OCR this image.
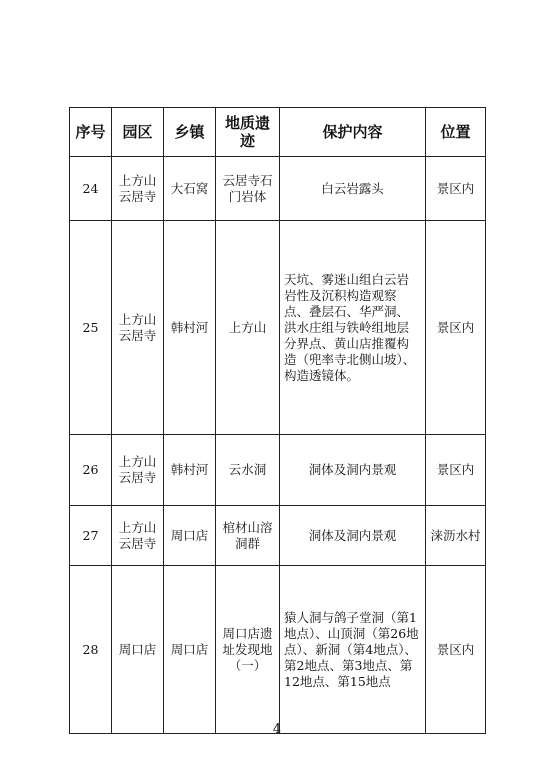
序号	园区	乡镇	地质遗迹	保护内容	位置
24	上方山云居寺	大石窝	云居寺石门岩体	白云岩露头	景区内
25	上方山云居寺	韩村河	上方山	天坑、雾迷山组白云岩岩性及沉积构造观察点、叠层石、华严洞、洪水庄组与铁岭组地层分界点、黄山店推覆构造（兜率寺北侧山坡）、构造透镜体。	景区内
26	上方山云居寺	韩村河	云水洞	洞体及洞内景观	景区内
27	上方山云居寺	周口店	棺材山溶洞群	洞体及洞内景观	涞沥水村
28	周口店	周口店	周口店遗址发现地（一）	猿人洞与鸽子堂洞（第1地点）、山顶洞（第26地点）、新洞（第4地点）、第2地点、第3地点、第12地点、第15地点	景区内
4
